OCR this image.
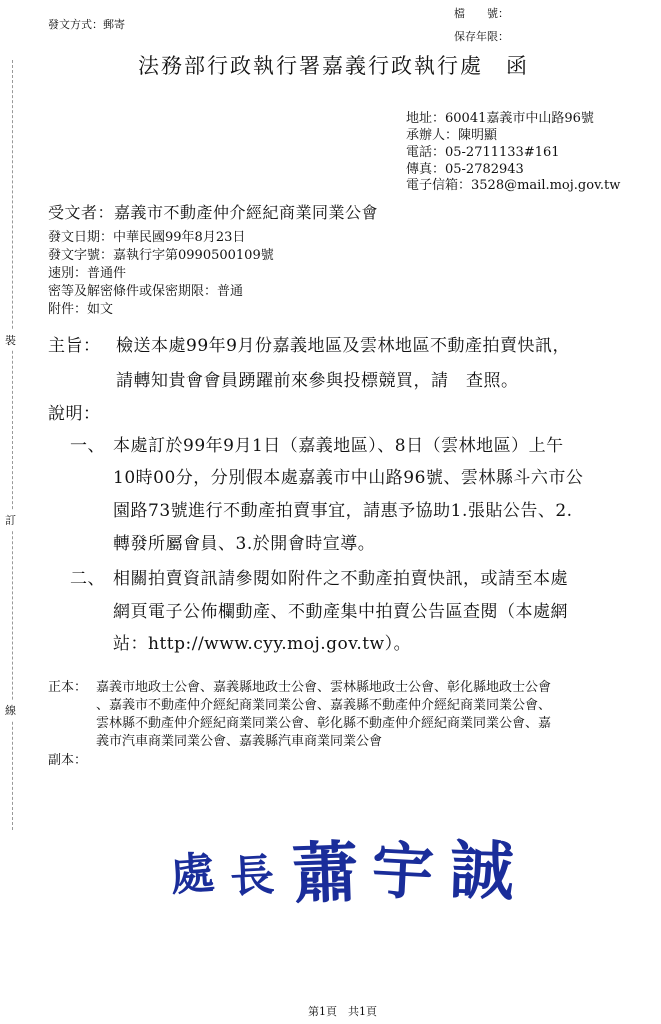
裝
訂
線
發文方式：郵寄
檔　　號：
保存年限：
法務部行政執行署嘉義行政執行處　函
地址：60041嘉義市中山路96號
承辦人：陳明顯
電話：05-2711133#161
傳真：05-2782943
電子信箱：3528@mail.moj.gov.tw
受文者：嘉義市不動產仲介經紀商業同業公會
發文日期：中華民國99年8月23日
發文字號：嘉執行字第0990500109號
速別：普通件
密等及解密條件或保密期限：普通
附件：如文
主旨： 檢送本處99年9月份嘉義地區及雲林地區不動產拍賣快訊，
請轉知貴會會員踴躍前來參與投標競買，請　查照。
說明：
一、 本處訂於99年9月1日（嘉義地區）、8日（雲林地區）上午
10時00分，分別假本處嘉義市中山路96號、雲林縣斗六市公
園路73號進行不動產拍賣事宜，請惠予協助1.張貼公告、2.
轉發所屬會員、3.於開會時宣導。
二、 相關拍賣資訊請參閱如附件之不動產拍賣快訊，或請至本處
網頁電子公佈欄動產、不動產集中拍賣公告區查閱（本處網
站：http://www.cyy.moj.gov.tw）。
正本： 嘉義市地政士公會、嘉義縣地政士公會、雲林縣地政士公會、彰化縣地政士公會
、嘉義市不動產仲介經紀商業同業公會、嘉義縣不動產仲介經紀商業同業公會、
雲林縣不動產仲介經紀商業同業公會、彰化縣不動產仲介經紀商業同業公會、嘉
義市汽車商業同業公會、嘉義縣汽車商業同業公會
副本：
處 長 蕭 宇 誠
第1頁　共1頁
